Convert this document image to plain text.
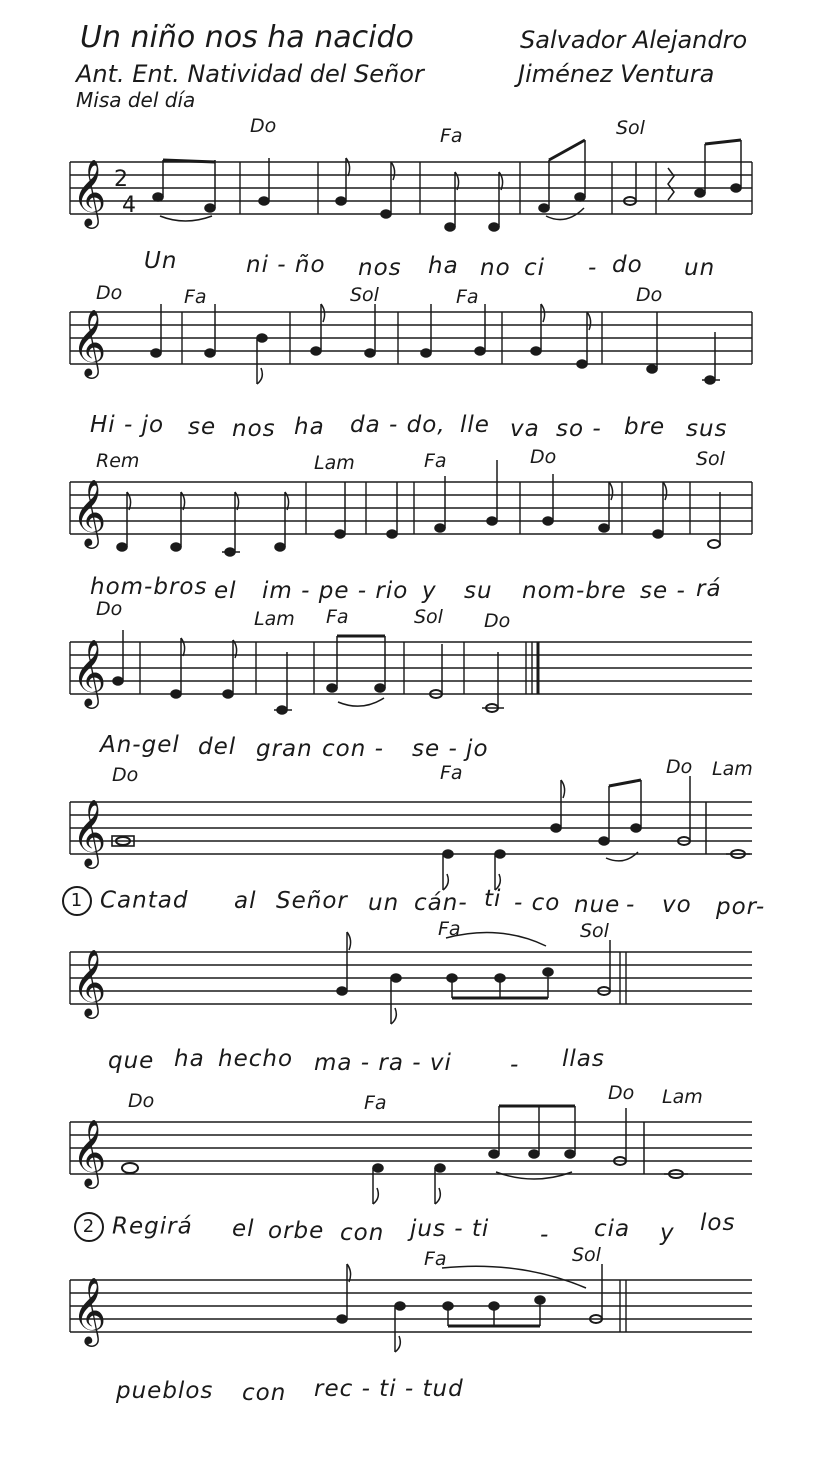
Un niño nos ha nacido
Ant. Ent. Natividad del Señor
Misa del día
Salvador Alejandro
Jiménez Ventura
Do	Fa	Sol
𝄞 2
4
Un	ni - ño nos ha no ci - do un
Do	Fa	Sol	Fa	Do
𝄞
Hi - jo se nos ha da - do, lle va so - bre sus
Rem	Lam	Fa	Do	Sol
𝄞
hom-bros el im - pe - rio y su nom-bre se - rá
Do	Lam Fa	Sol Do
𝄞
An-gel del gran con - se - jo
Do	Fa	Do Lam
𝄞
1 Cantad al Señor un cán- ti - co nue - vo por-
Fa	Sol
𝄞
que ha hecho ma - ra - vi	- llas
Do	Fa	Do Lam
𝄞
2 Regirá el orbe con jus - ti - cia y los
Fa	Sol
𝄞
pueblos con rec - ti - tud
